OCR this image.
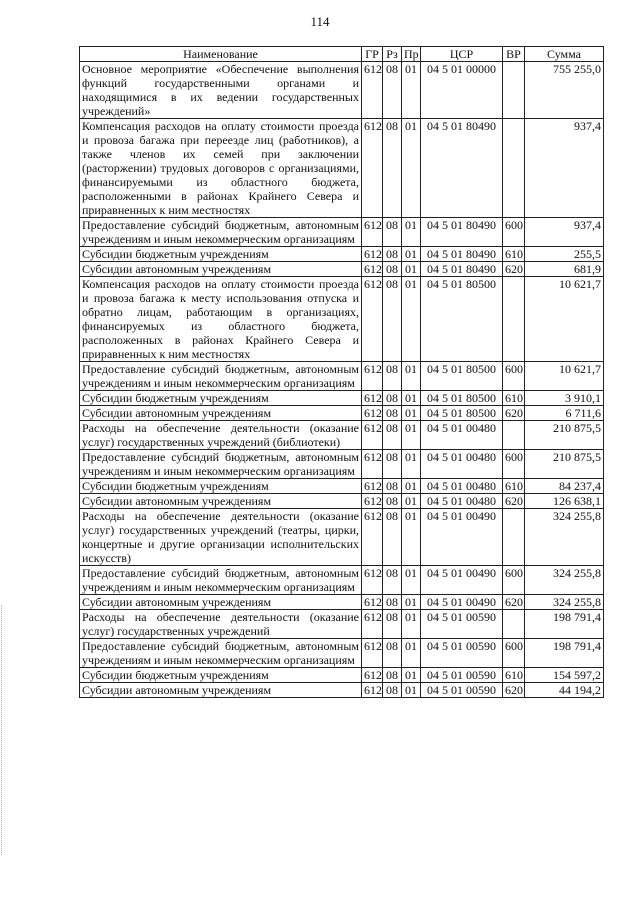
114
Наименование	ГР	Рз	Пр	ЦСР	ВР	Сумма
Основное мероприятие «Обеспечение выполнения функций государственными органами и находящимися в их ведении государственных учреждений»	612	08	01	04 5 01 00000		755 255,0
Компенсация расходов на оплату стоимости проезда и провоза багажа при переезде лиц (работников), а также членов их семей при заключении (расторжении) трудовых договоров с организациями, финансируемыми из областного бюджета, расположенными в районах Крайнего Севера и приравненных к ним местностях	612	08	01	04 5 01 80490		937,4
Предоставление субсидий бюджетным, автономным учреждениям и иным некоммерческим организациям	612	08	01	04 5 01 80490	600	937,4
Субсидии бюджетным учреждениям	612	08	01	04 5 01 80490	610	255,5
Субсидии автономным учреждениям	612	08	01	04 5 01 80490	620	681,9
Компенсация расходов на оплату стоимости проезда и провоза багажа к месту использования отпуска и обратно лицам, работающим в организациях, финансируемых из областного бюджета, расположенных в районах Крайнего Севера и приравненных к ним местностях	612	08	01	04 5 01 80500		10 621,7
Предоставление субсидий бюджетным, автономным учреждениям и иным некоммерческим организациям	612	08	01	04 5 01 80500	600	10 621,7
Субсидии бюджетным учреждениям	612	08	01	04 5 01 80500	610	3 910,1
Субсидии автономным учреждениям	612	08	01	04 5 01 80500	620	6 711,6
Расходы на обеспечение деятельности (оказание услуг) государственных учреждений (библиотеки)	612	08	01	04 5 01 00480		210 875,5
Предоставление субсидий бюджетным, автономным учреждениям и иным некоммерческим организациям	612	08	01	04 5 01 00480	600	210 875,5
Субсидии бюджетным учреждениям	612	08	01	04 5 01 00480	610	84 237,4
Субсидии автономным учреждениям	612	08	01	04 5 01 00480	620	126 638,1
Расходы на обеспечение деятельности (оказание услуг) государственных учреждений (театры, цирки, концертные и другие организации исполнительских искусств)	612	08	01	04 5 01 00490		324 255,8
Предоставление субсидий бюджетным, автономным учреждениям и иным некоммерческим организациям	612	08	01	04 5 01 00490	600	324 255,8
Субсидии автономным учреждениям	612	08	01	04 5 01 00490	620	324 255,8
Расходы на обеспечение деятельности (оказание услуг) государственных учреждений	612	08	01	04 5 01 00590		198 791,4
Предоставление субсидий бюджетным, автономным учреждениям и иным некоммерческим организациям	612	08	01	04 5 01 00590	600	198 791,4
Субсидии бюджетным учреждениям	612	08	01	04 5 01 00590	610	154 597,2
Субсидии автономным учреждениям	612	08	01	04 5 01 00590	620	44 194,2
